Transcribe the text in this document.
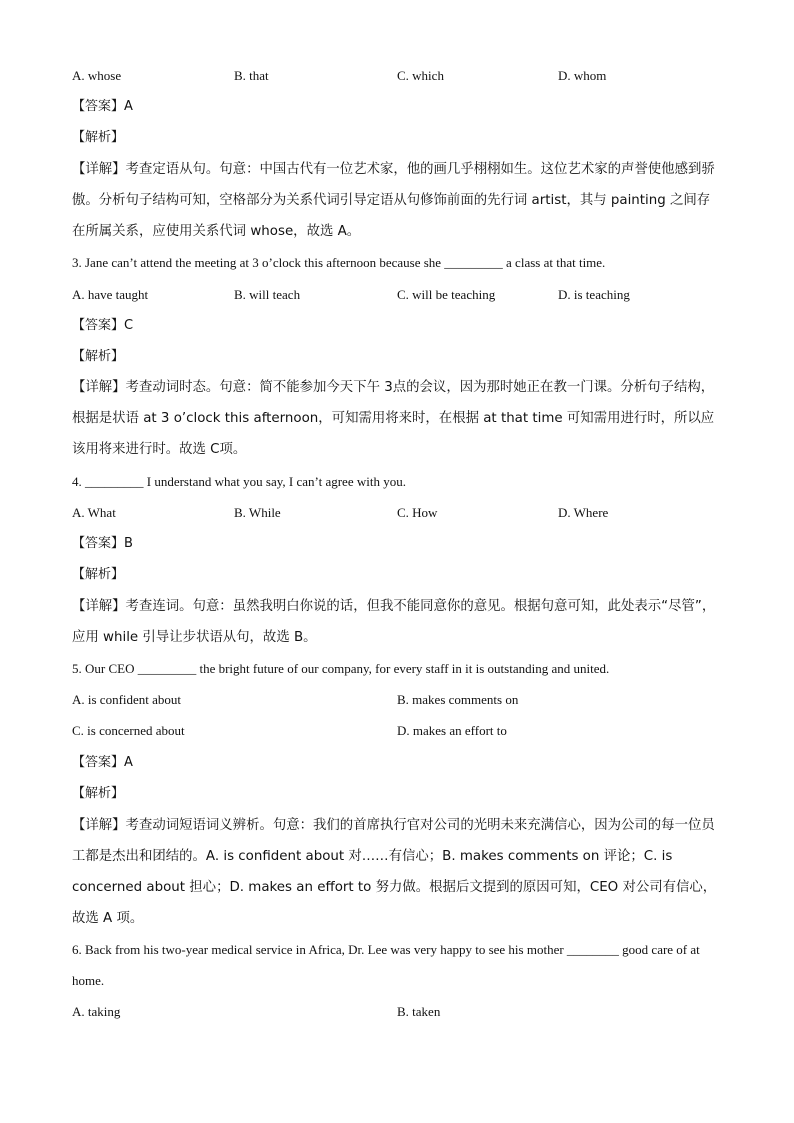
A. whose	B. that	C. which	D. whom
【答案】A
【解析】
【详解】考查定语从句。句意：中国古代有一位艺术家，他的画几乎栩栩如生。这位艺术家的声誉使他感到骄傲。分析句子结构可知，空格部分为关系代词引导定语从句修饰前面的先行词 artist，其与 painting 之间存在所属关系，应使用关系代词 whose，故选 A。
3. Jane can’t attend the meeting at 3 o’clock this afternoon because she _________ a class at that time.
A. have taught	B. will teach	C. will be teaching	D. is teaching
【答案】C
【解析】
【详解】考查动词时态。句意：简不能参加今天下午 3点的会议，因为那时她正在教一门课。分析句子结构，根据是状语 at 3 o’clock this afternoon，可知需用将来时，在根据 at that time 可知需用进行时，所以应该用将来进行时。故选 C项。
4. _________ I understand what you say, I can’t agree with you.
A. What	B. While	C. How	D. Where
【答案】B
【解析】
【详解】考查连词。句意：虽然我明白你说的话，但我不能同意你的意见。根据句意可知，此处表示“尽管”，应用 while 引导让步状语从句，故选 B。
5. Our CEO _________ the bright future of our company, for every staff in it is outstanding and united.
A. is confident about	B. makes comments on
C. is concerned about	D. makes an effort to
【答案】A
【解析】
【详解】考查动词短语词义辨析。句意：我们的首席执行官对公司的光明未来充满信心，因为公司的每一位员工都是杰出和团结的。A. is confident about 对……有信心；B. makes comments on 评论；C. is concerned about 担心；D. makes an effort to 努力做。根据后文提到的原因可知，CEO 对公司有信心，故选 A 项。
6. Back from his two-year medical service in Africa, Dr. Lee was very happy to see his mother ________ good care of at home.
A. taking	B. taken
